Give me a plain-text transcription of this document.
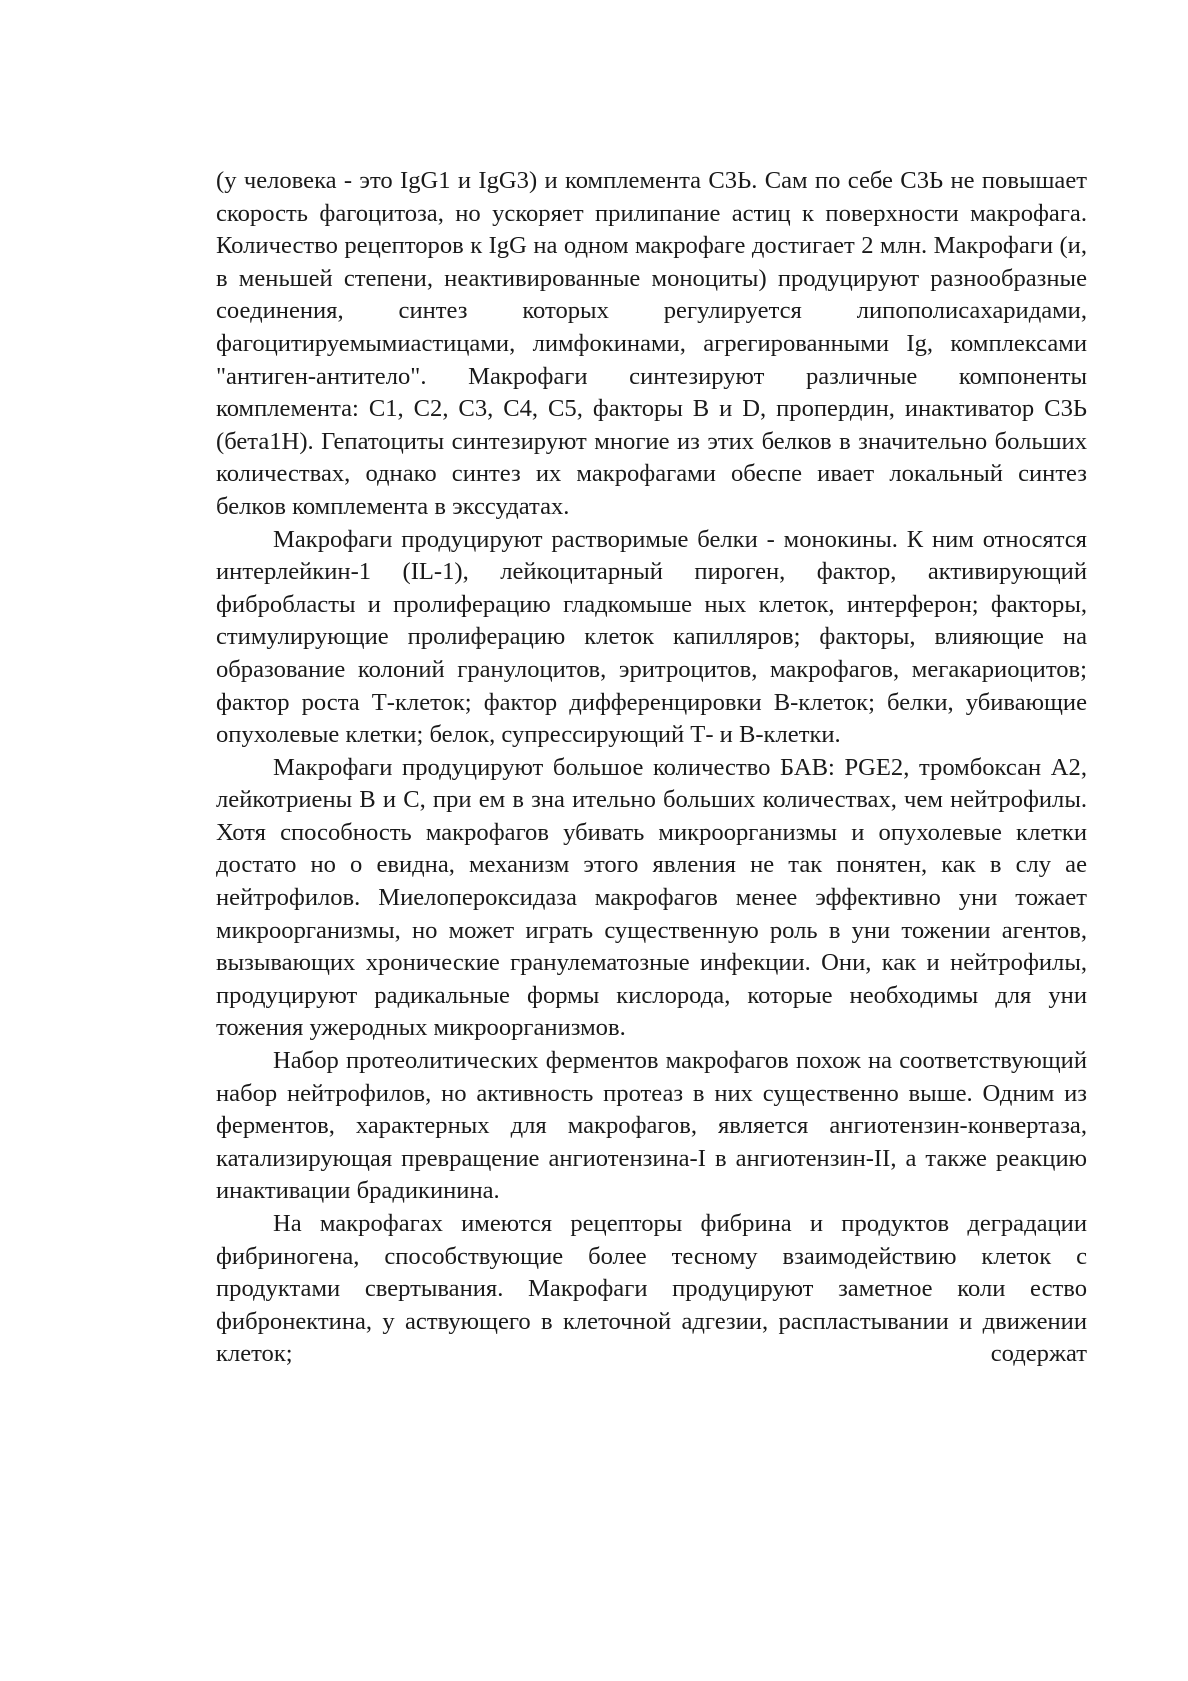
(у человека - это IgG1 и IgG3) и комплемента С3Ь. Сам по себе С3Ь не повышает скорость фагоцитоза, но ускоряет прилипание астиц к поверхности макрофага. Количество рецепторов к IgG на одном макрофаге достигает 2 млн. Макрофаги (и, в меньшей степени, неактивированные моноциты) продуцируют разнообразные соединения, синтез которых регулируется липополисахаридами, фагоцитируемымиастицами, лимфокинами, агрегированными Ig, комплексами "антиген-антитело". Макрофаги синтезируют различные компоненты комплемента: С1, С2, С3, С4, С5, факторы В и D, пропердин, инактиватор С3Ь (бета1Н). Гепатоциты синтезируют многие из этих белков в значительно больших количествах, однако синтез их макрофагами обеспе ивает локальный синтез белков комплемента в экссудатах.

Макрофаги продуцируют растворимые белки - монокины. К ним относятся интерлейкин-1 (IL-1), лейкоцитарный пироген, фактор, активирующий фибробласты и пролиферацию гладкомыше ных клеток, интерферон; факторы, стимулирующие пролиферацию клеток капилляров; факторы, влияющие на образование колоний гранулоцитов, эритроцитов, макрофагов, мегакариоцитов; фактор роста Т-клеток; фактор дифференцировки В-клеток; белки, убивающие опухолевые клетки; белок, супрессирующий Т- и В-клетки.

Макрофаги продуцируют большое количество БАВ: PGE2, тромбоксан А2, лейкотриены В и С, при ем в зна ительно больших количествах, чем нейтрофилы. Хотя способность макрофагов убивать микроорганизмы и опухолевые клетки достато но о евидна, механизм этого явления не так понятен, как в слу ае нейтрофилов. Миелопероксидаза макрофагов менее эффективно уни тожает микроорганизмы, но может играть существенную роль в уни тожении агентов, вызывающих хронические гранулематозные инфекции. Они, как и нейтрофилы, продуцируют радикальные формы кислорода, которые необходимы для уни тожения ужеродных микроорганизмов.

Набор протеолитических ферментов макрофагов похож на соответствующий набор нейтрофилов, но активность протеаз в них существенно выше. Одним из ферментов, характерных для макрофагов, является ангиотензин-конвертаза, катализирующая превращение ангиотензина-I в ангиотензин-II, а также реакцию инактивации брадикинина.

На макрофагах имеются рецепторы фибрина и продуктов деградации фибриногена, способствующие более тесному взаимодействию клеток с продуктами свертывания. Макрофаги продуцируют заметное коли ество фибронектина, у аствующего в клеточной адгезии, распластывании и движении клеток; содержат
